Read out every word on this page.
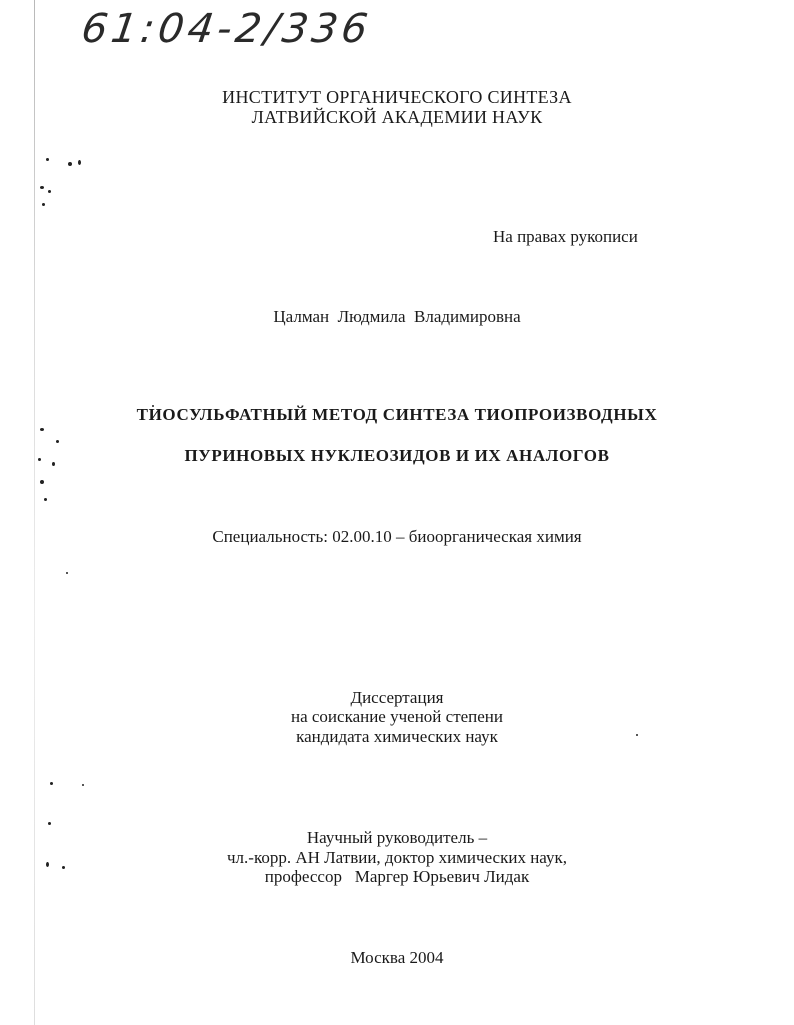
61:04-2/336
ИНСТИТУТ ОРГАНИЧЕСКОГО СИНТЕЗА
ЛАТВИЙСКОЙ АКАДЕМИИ НАУК
На правах рукописи
Цалман  Людмила  Владимировна
ТИОСУЛЬФАТНЫЙ МЕТОД СИНТЕЗА ТИОПРОИЗВОДНЫХ
ПУРИНОВЫХ НУКЛЕОЗИДОВ И ИХ АНАЛОГОВ
Специальность: 02.00.10 – биоорганическая химия
Диссертация
на соискание ученой степени
кандидата химических наук
Научный руководитель –
чл.-корр. АН Латвии, доктор химических наук,
профессор   Маргер Юрьевич Лидак
Москва 2004
